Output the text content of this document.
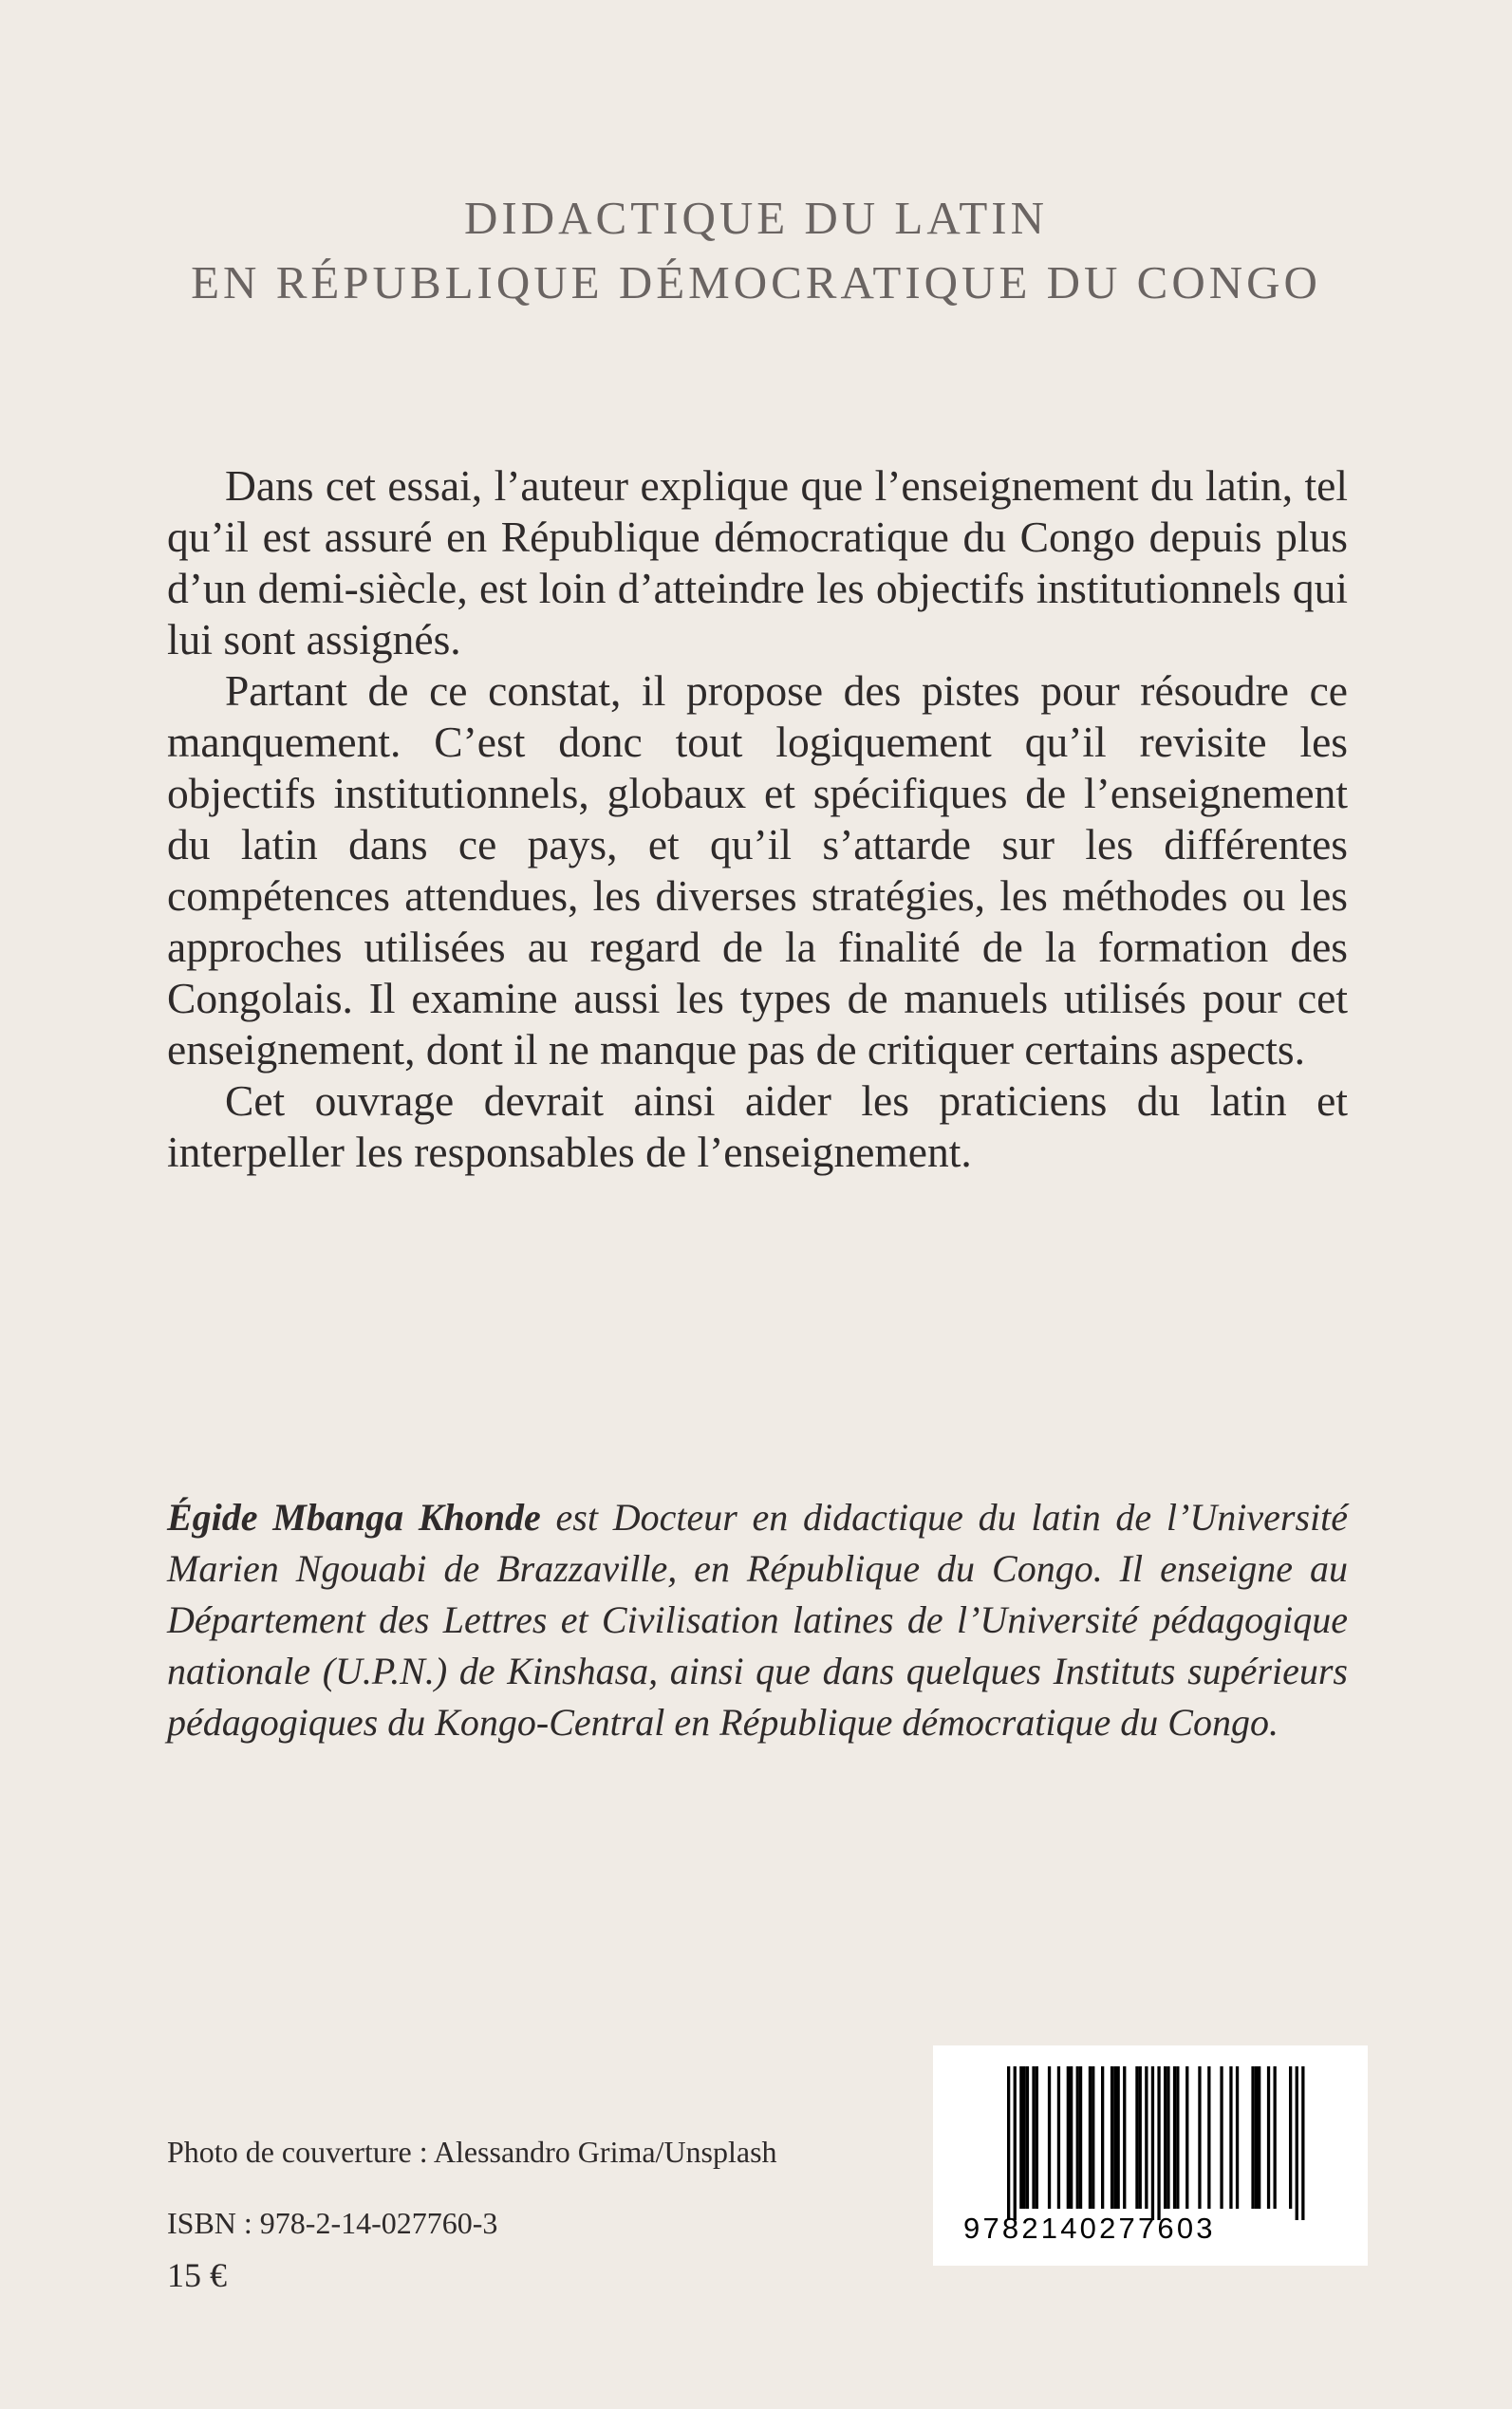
DIDACTIQUE DU LATIN
EN RÉPUBLIQUE DÉMOCRATIQUE DU CONGO

Dans cet essai, l’auteur explique que l’enseignement du latin, tel qu’il est assuré en République démocratique du Congo depuis plus d’un demi-siècle, est loin d’atteindre les objectifs institutionnels qui lui sont assignés.

Partant de ce constat, il propose des pistes pour résoudre ce manquement. C’est donc tout logiquement qu’il revisite les objectifs institutionnels, globaux et spécifiques de l’enseignement du latin dans ce pays, et qu’il s’attarde sur les différentes compétences attendues, les diverses stratégies, les méthodes ou les approches utilisées au regard de la finalité de la formation des Congolais. Il examine aussi les types de manuels utilisés pour cet enseignement, dont il ne manque pas de critiquer certains aspects.

Cet ouvrage devrait ainsi aider les praticiens du latin et interpeller les responsables de l’enseignement.

Égide Mbanga Khonde est Docteur en didactique du latin de l’Université Marien Ngouabi de Brazzaville, en République du Congo. Il enseigne au Département des Lettres et Civilisation latines de l’Université pédagogique nationale (U.P.N.) de Kinshasa, ainsi que dans quelques Instituts supérieurs pédagogiques du Kongo-Central en République démocratique du Congo.
Photo de couverture : Alessandro Grima/Unsplash
ISBN : 978-2-14-027760-3
15 €
9782140277603
